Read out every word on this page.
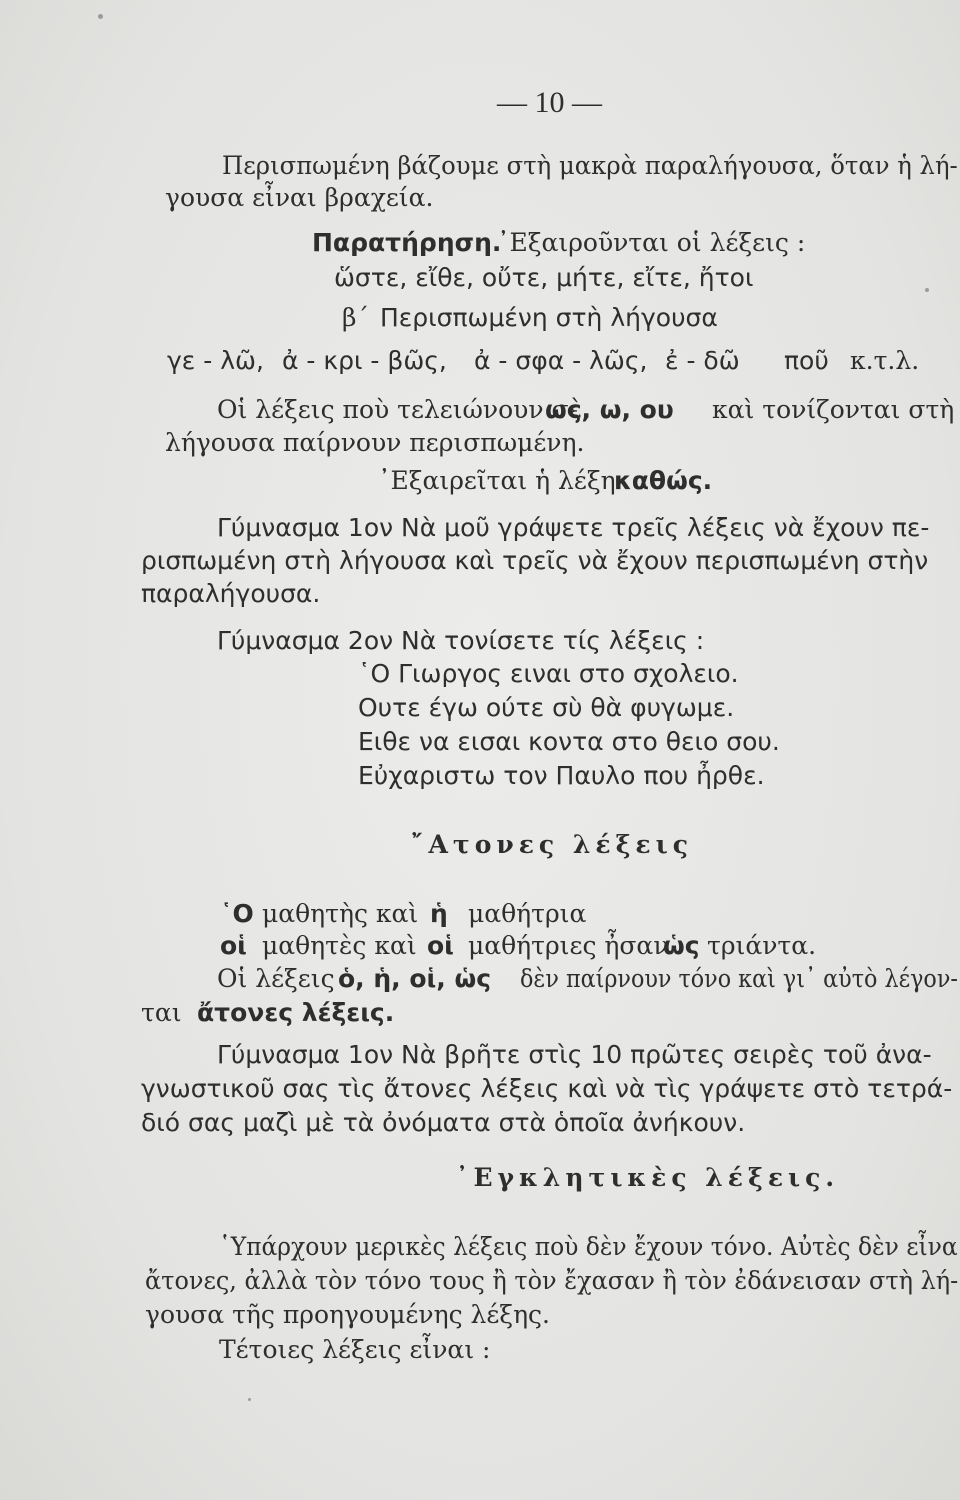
— 10 —
Περισπωμένη βάζουμε στὴ μακρὰ παραλήγουσα, ὅταν ἡ λή-
γουσα εἶναι βραχεία.
Παρατήρηση.
᾿Εξαιροῦνται οἱ λέξεις :
ὥστε, εἴθε, οὔτε, μήτε, εἴτε, ἤτοι
β΄ Περισπωμένη στὴ λήγουσα
γε - λῶ, ἀ - κρι - βῶς, ἀ - σφα - λῶς, ἐ - δῶ ποῦ κ.τ.λ.
Οἱ λέξεις ποὺ τελειώνουν σὲ
ως, ω, ου καὶ τονίζονται στὴ
λήγουσα παίρνουν περισπωμένη.
᾿Εξαιρεῖται ἡ λέξη
καθώς.
Γύμνασμα 1ον Νὰ μοῦ γράψετε τρεῖς λέξεις νὰ ἔχουν πε-
ρισπωμένη στὴ λήγουσα καὶ τρεῖς νὰ ἔχουν περισπωμένη στὴν
παραλήγουσα.
Γύμνασμα 2ον Νὰ τονίσετε τίς λέξεις :
῾Ο Γιωργος ειναι στο σχολειο.
Ουτε έγω ούτε σὺ θὰ φυγωμε.
Ειθε να εισαι κοντα στο θειο σου.
Εὐχαριστω τον Παυλο που ἦρθε.
῎Ατονες λέξεις
῾Ο μαθητὴς καὶ ἡ μαθήτρια
οἱ μαθητὲς καὶ οἱ μαθήτριες ἦσαν
ὡς τριάντα.
Οἱ λέξεις ὁ, ἡ, οἱ, ὡς δὲν παίρνουν τόνο καὶ γι᾿ αὐτὸ λέγον-
ται ἄτονες λέξεις.
Γύμνασμα 1ον Νὰ βρῆτε στὶς 10 πρῶτες σειρὲς τοῦ ἀνα-
γνωστικοῦ σας τὶς ἄτονες λέξεις καὶ νὰ τὶς γράψετε στὸ τετρά-
διό σας μαζὶ μὲ τὰ ὀνόματα στὰ ὁποῖα ἀνήκουν.
᾿Εγκλητικὲς λέξεις.
῾Υπάρχουν μερικὲς λέξεις ποὺ δὲν ἔχουν τόνο. Αὐτὲς δὲν εἶνα
ἄτονες, ἀλλὰ τὸν τόνο τους ἢ τὸν ἔχασαν ἢ τὸν ἐδάνεισαν στὴ λή-
γουσα τῆς προηγουμένης λέξης.
Τέτοιες λέξεις εἶναι :
